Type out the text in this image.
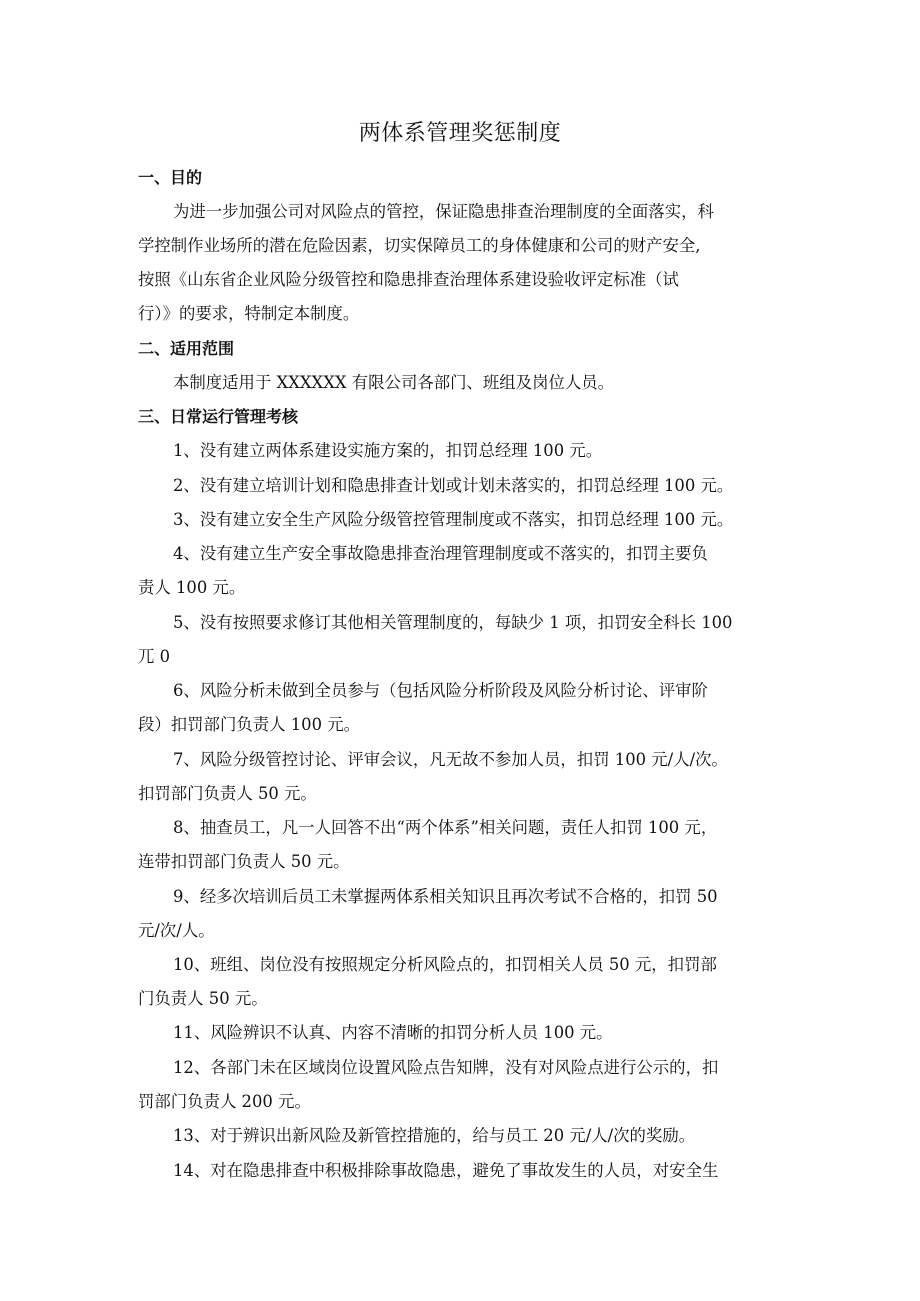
两体系管理奖惩制度
一、目的
为进一步加强公司对风险点的管控，保证隐患排查治理制度的全面落实，科
学控制作业场所的潜在危险因素，切实保障员工的身体健康和公司的财产安全,
按照《山东省企业风险分级管控和隐患排查治理体系建设验收评定标准（试
行）》的要求，特制定本制度。
二、适用范围
本制度适用于 XXXXXX 有限公司各部门、班组及岗位人员。
三、日常运行管理考核
1、没有建立两体系建设实施方案的，扣罚总经理 100 元。
2、没有建立培训计划和隐患排查计划或计划未落实的，扣罚总经理 100 元。
3、没有建立安全生产风险分级管控管理制度或不落实，扣罚总经理 100 元。
4、没有建立生产安全事故隐患排查治理管理制度或不落实的，扣罚主要负
责人 100 元。
5、没有按照要求修订其他相关管理制度的，每缺少 1 项，扣罚安全科长 100
兀 0
6、风险分析未做到全员参与（包括风险分析阶段及风险分析讨论、评审阶
段）扣罚部门负责人 100 元。
7、风险分级管控讨论、评审会议，凡无故不参加人员，扣罚 100 元/人/次。
扣罚部门负责人 50 元。
8、抽查员工，凡一人回答不出“两个体系”相关问题，责任人扣罚 100 元，
连带扣罚部门负责人 50 元。
9、经多次培训后员工未掌握两体系相关知识且再次考试不合格的，扣罚 50
元/次/人。
10、班组、岗位没有按照规定分析风险点的，扣罚相关人员 50 元，扣罚部
门负责人 50 元。
11、风险辨识不认真、内容不清晰的扣罚分析人员 100 元。
12、各部门未在区域岗位设置风险点告知牌，没有对风险点进行公示的，扣
罚部门负责人 200 元。
13、对于辨识出新风险及新管控措施的，给与员工 20 元/人/次的奖励。
14、对在隐患排查中积极排除事故隐患，避免了事故发生的人员，对安全生
